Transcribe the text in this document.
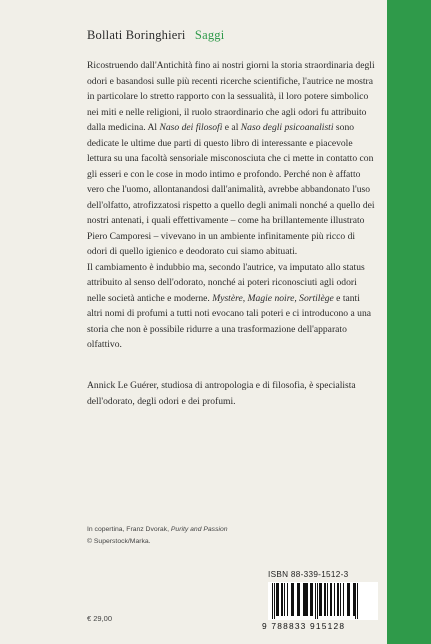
Bollati Boringhieri Saggi

Ricostruendo dall'Antichità fino ai nostri giorni la storia straordinaria degli odori e basandosi sulle più recenti ricerche scientifiche, l'autrice ne mostra in particolare lo stretto rapporto con la sessualità, il loro potere simbolico nei miti e nelle religioni, il ruolo straordinario che agli odori fu attribuito dalla medicina. Al Naso dei filosofi e al Naso degli psicoanalisti sono dedicate le ultime due parti di questo libro di interessante e piacevole lettura su una facoltà sensoriale misconosciuta che ci mette in contatto con gli esseri e con le cose in modo intimo e profondo. Perché non è affatto vero che l'uomo, allontanandosi dall'animalità, avrebbe abbandonato l'uso dell'olfatto, atrofizzatosi rispetto a quello degli animali nonché a quello dei nostri antenati, i quali effettivamente – come ha brillantemente illustrato Piero Camporesi – vivevano in un ambiente infinitamente più ricco di odori di quello igienico e deodorato cui siamo abituati.

Il cambiamento è indubbio ma, secondo l'autrice, va imputato allo status attribuito al senso dell'odorato, nonché ai poteri riconosciuti agli odori nelle società antiche e moderne. Mystère, Magie noire, Sortilège e tanti altri nomi di profumi a tutti noti evocano tali poteri e ci introducono a una storia che non è possibile ridurre a una trasformazione dell'apparato olfattivo.

Annick Le Guérer, studiosa di antropologia e di filosofia, è specialista dell'odorato, degli odori e dei profumi.

In copertina, Franz Dvorak, Purity and Passion
© Superstock/Marka.
ISBN 88-339-1512-3
9 788833 915128
€ 29,00
